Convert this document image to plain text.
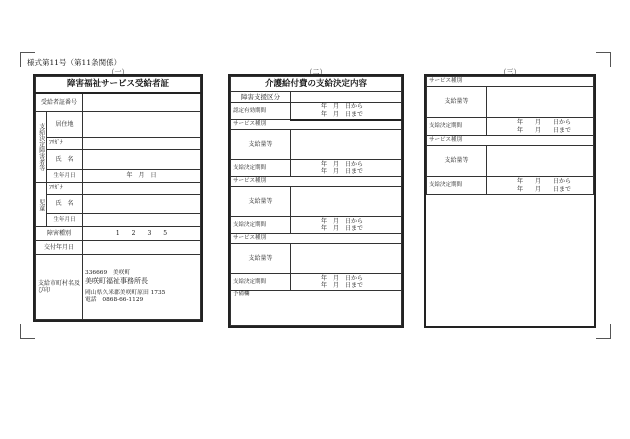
様式第11号（第11条関係）
（一）
障害福祉サービス受給者証		
受給者証番号		
支給決定障害者等	居住地	
	ﾌﾘｶﾞﾅ	
	氏　名	
	生年月日	年　月　日
児童	ﾌﾘｶﾞﾅ	
	氏　名	
	生年月日	
障害種別		1　　2　　3　　5
交付年月日		
支給市町村名及び印		336669　美咲町
美咲町福祉事務所長
岡山県久米郡美咲町原田 1735
電話　0868-66-1129
（二）
介護給付費の支給決定内容	
障害支援区分	
認定有効期間	年　月　日から
年　月　日まで

サービス種別	
支給量等	
支給決定期間	年　月　日から
年　月　日まで

サービス種別	
支給量等	
支給決定期間	年　月　日から
年　月　日まで

サービス種別	
支給量等	
支給決定期間	年　月　日から
年　月　日まで

予備欄	
（三）
サービス種別	
支給量等	
支給決定期間	年　　月　　日から
年　　月　　日まで

サービス種別	
支給量等	
支給決定期間	年　　月　　日から
年　　月　　日まで
